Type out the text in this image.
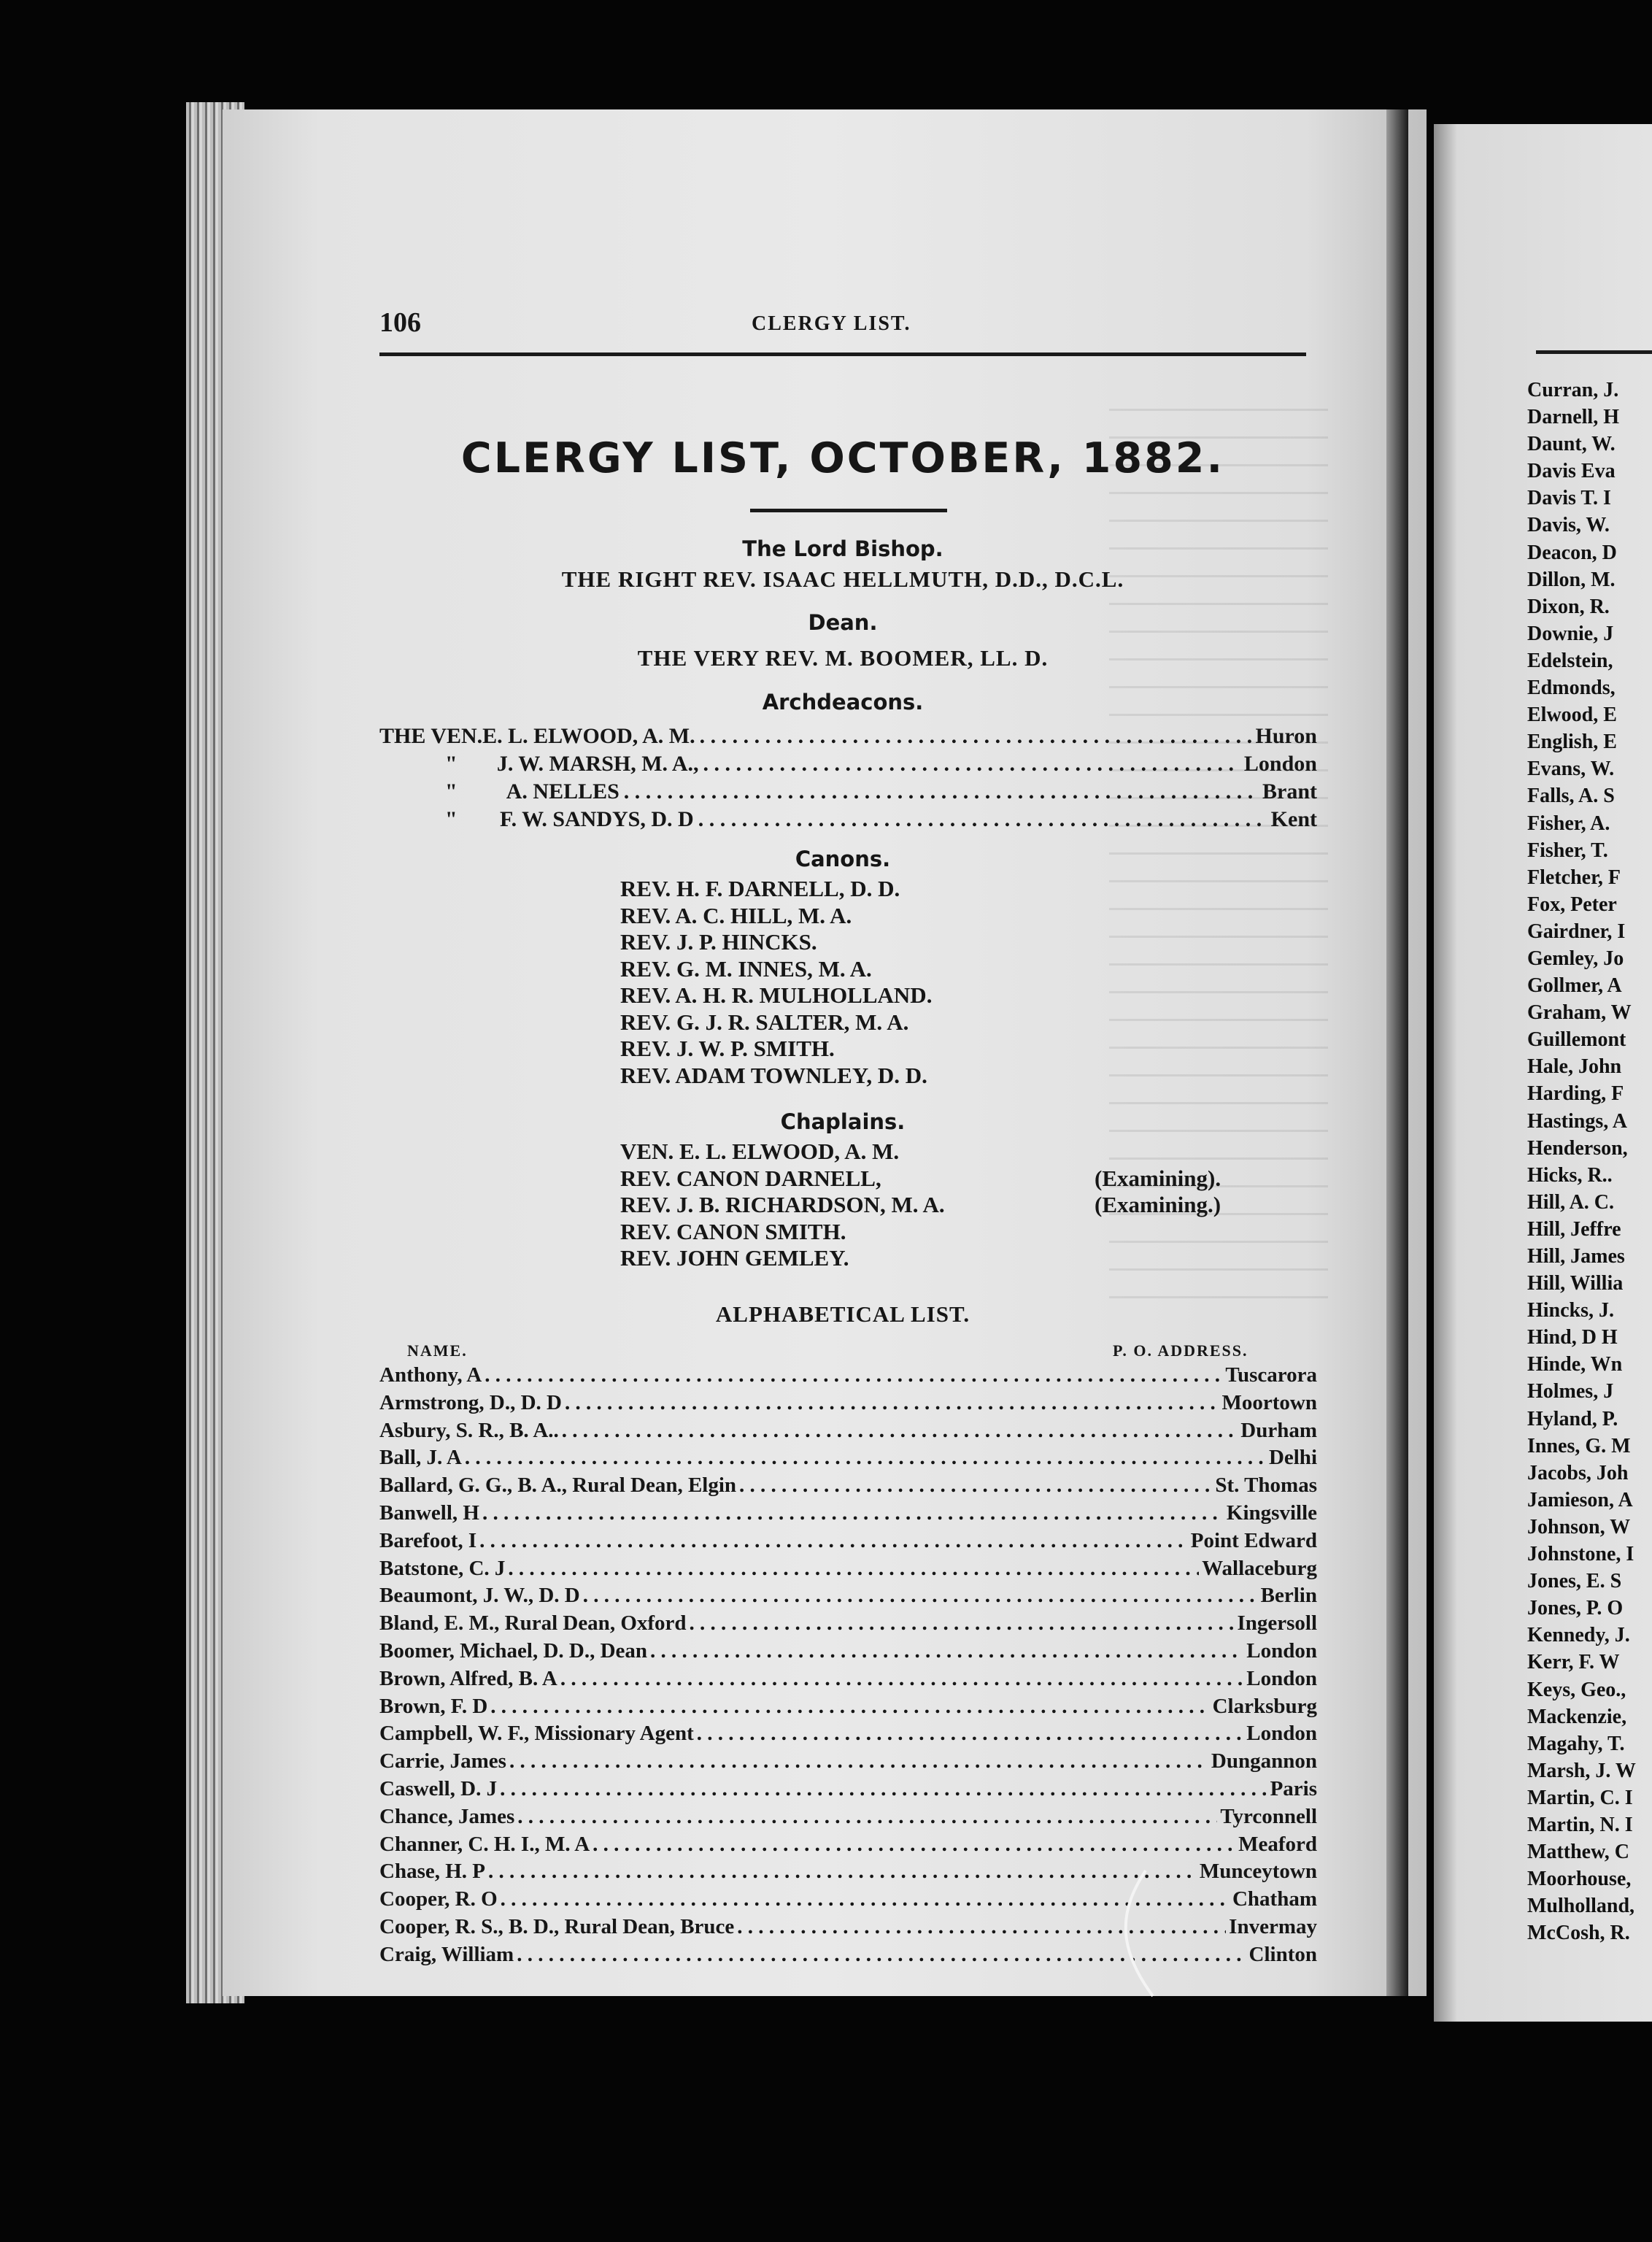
Curran, J.
Darnell, H
Daunt, W.
Davis Eva
Davis T. I
Davis, W.
Deacon, D
Dillon, M.
Dixon, R.
Downie, J
Edelstein,
Edmonds,
Elwood, E
English, E
Evans, W.
Falls, A. S
Fisher, A.
Fisher, T.
Fletcher, F
Fox, Peter
Gairdner, I
Gemley, Jo
Gollmer, A
Graham, W
Guillemont
Hale, John
Harding, F
Hastings, A
Henderson,
Hicks, R..
Hill, A. C.
Hill, Jeffre
Hill, James
Hill, Willia
Hincks, J.
Hind, D H
Hinde, Wn
Holmes, J
Hyland, P.
Innes, G. M
Jacobs, Joh
Jamieson, A
Johnson, W
Johnstone, I
Jones, E. S
Jones, P. O
Kennedy, J.
Kerr, F. W
Keys, Geo.,
Mackenzie,
Magahy, T.
Marsh, J. W
Martin, C. I
Martin, N. I
Matthew, C
Moorhouse,
Mulholland,
McCosh, R.
106	CLERGY LIST.
CLERGY LIST, OCTOBER, 1882.
The Lord Bishop.
THE RIGHT REV. ISAAC HELLMUTH, D.D., D.C.L.
Dean.
THE VERY REV. M. BOOMER, LL. D.
Archdeacons.
THE VEN. E. L. ELWOOD, A. M. . . .	Huron
"	J. W. MARSH, M. A., . . .	London
"	A. NELLES . . .	Brant
"	F. W. SANDYS, D. D . . .	Kent
Canons.
REV. H. F. DARNELL, D. D.
REV. A. C. HILL, M. A.
REV. J. P. HINCKS.
REV. G. M. INNES, M. A.
REV. A. H. R. MULHOLLAND.
REV. G. J. R. SALTER, M. A.
REV. J. W. P. SMITH.
REV. ADAM TOWNLEY, D. D.
Chaplains.
VEN. E. L. ELWOOD, A. M.
REV. CANON DARNELL,	(Examining).
REV. J. B. RICHARDSON, M. A.	(Examining.)
REV. CANON SMITH.
REV. JOHN GEMLEY.
ALPHABETICAL LIST.
NAME.	P. O. ADDRESS.
Anthony, A . . .	Tuscarora
Armstrong, D., D. D . . .	Moortown
Asbury, S. R., B. A.. . . .	Durham
Ball, J. A . . .	Delhi
Ballard, G. G., B. A., Rural Dean, Elgin . . .	St. Thomas
Banwell, H . . .	Kingsville
Barefoot, I . . .	Point Edward
Batstone, C. J . . .	Wallaceburg
Beaumont, J. W., D. D . . .	Berlin
Bland, E. M., Rural Dean, Oxford . . .	Ingersoll
Boomer, Michael, D. D., Dean . . .	London
Brown, Alfred, B. A . . .	London
Brown, F. D . . .	Clarksburg
Campbell, W. F., Missionary Agent . . .	London
Carrie, James . . .	Dungannon
Caswell, D. J . . .	Paris
Chance, James . . .	Tyrconnell
Channer, C. H. I., M. A . . .	Meaford
Chase, H. P . . .	Munceytown
Cooper, R. O . . .	Chatham
Cooper, R. S., B. D., Rural Dean, Bruce . . .	Invermay
Craig, William . . .	Clinton
